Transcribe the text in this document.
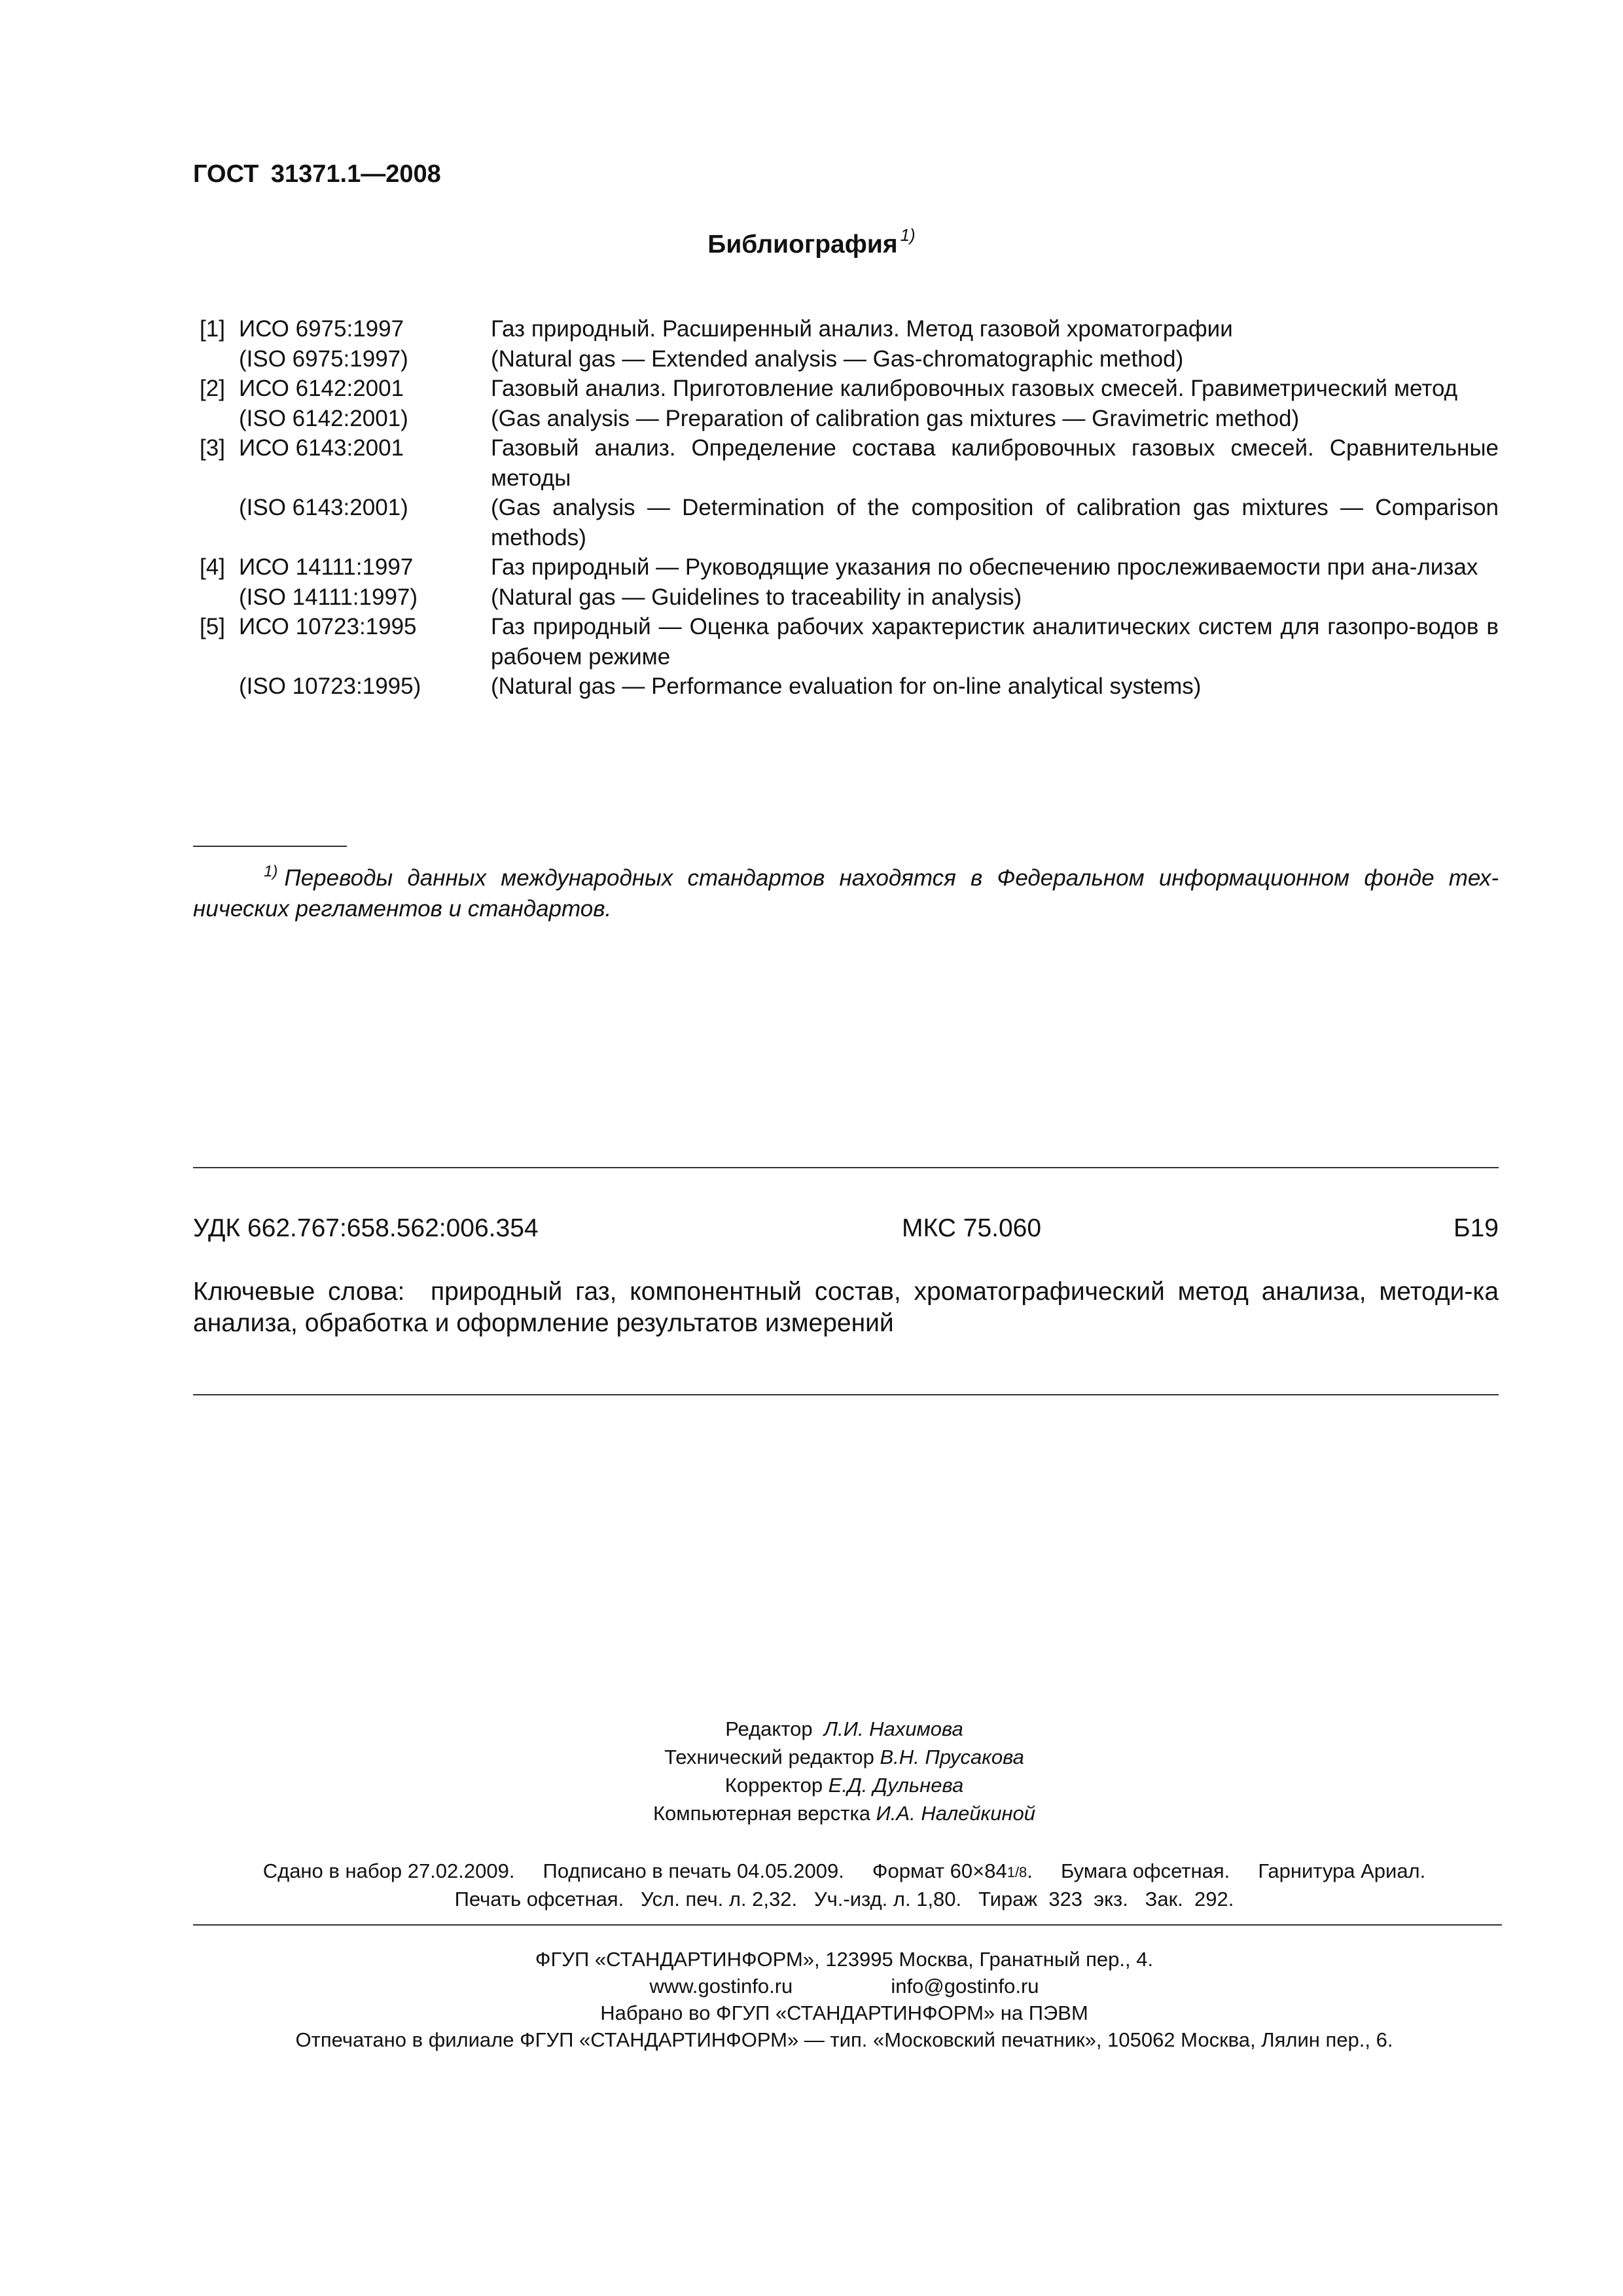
ГОСТ 31371.1—2008
Библиография $^{1)}$
[1] ИСО 6975:1997	Газ природный. Расширенный анализ. Метод газовой хроматографии
(ISO 6975:1997)	(Natural gas — Extended analysis — Gas-chromatographic method)
[2] ИСО 6142:2001	Газовый анализ. Приготовление калибровочных газовых смесей. Гравиметрический метод
(ISO 6142:2001)	(Gas analysis — Preparation of calibration gas mixtures — Gravimetric method)
[3] ИСО 6143:2001	Газовый анализ. Определение состава калибровочных газовых смесей. Сравнительные методы
(ISO 6143:2001)	(Gas analysis — Determination of the composition of calibration gas mixtures — Comparison methods)
[4] ИСО 14111:1997	Газ природный — Руководящие указания по обеспечению прослеживаемости при ана-лизах
(ISO 14111:1997)	(Natural gas — Guidelines to traceability in analysis)
[5] ИСО 10723:1995	Газ природный — Оценка рабочих характеристик аналитических систем для газопро-водов в рабочем режиме
(ISO 10723:1995)	(Natural gas — Performance evaluation for on-line analytical systems)
$^{1)}$ Переводы данных международных стандартов находятся в Федеральном информационном фонде тех-нических регламентов и стандартов.
УДК 662.767:658.562:006.354	МКС 75.060	Б19
Ключевые слова: природный газ, компонентный состав, хроматографический метод анализа, методи-ка анализа, обработка и оформление результатов измерений
Редактор Л.И. Нахимова
Технический редактор В.Н. Прусакова
Корректор Е.Д. Дульнева
Компьютерная верстка И.А. Налейкиной
Сдано в набор 27.02.2009. Подписано в печать 04.05.2009. Формат 60×841/8.     Бумага офсетная. Гарнитура Ариал.
Печать офсетная.   Усл. печ. л. 2,32.   Уч.-изд. л. 1,80.   Тираж  323  экз.   Зак.  292.
ФГУП «СТАНДАРТИНФОРМ», 123995 Москва, Гранатный пер., 4.
www.gostinfo.ru	info@gostinfo.ru
Набрано во ФГУП «СТАНДАРТИНФОРМ» на ПЭВМ
Отпечатано в филиале ФГУП «СТАНДАРТИНФОРМ» — тип. «Московский печатник», 105062 Москва, Лялин пер., 6.
